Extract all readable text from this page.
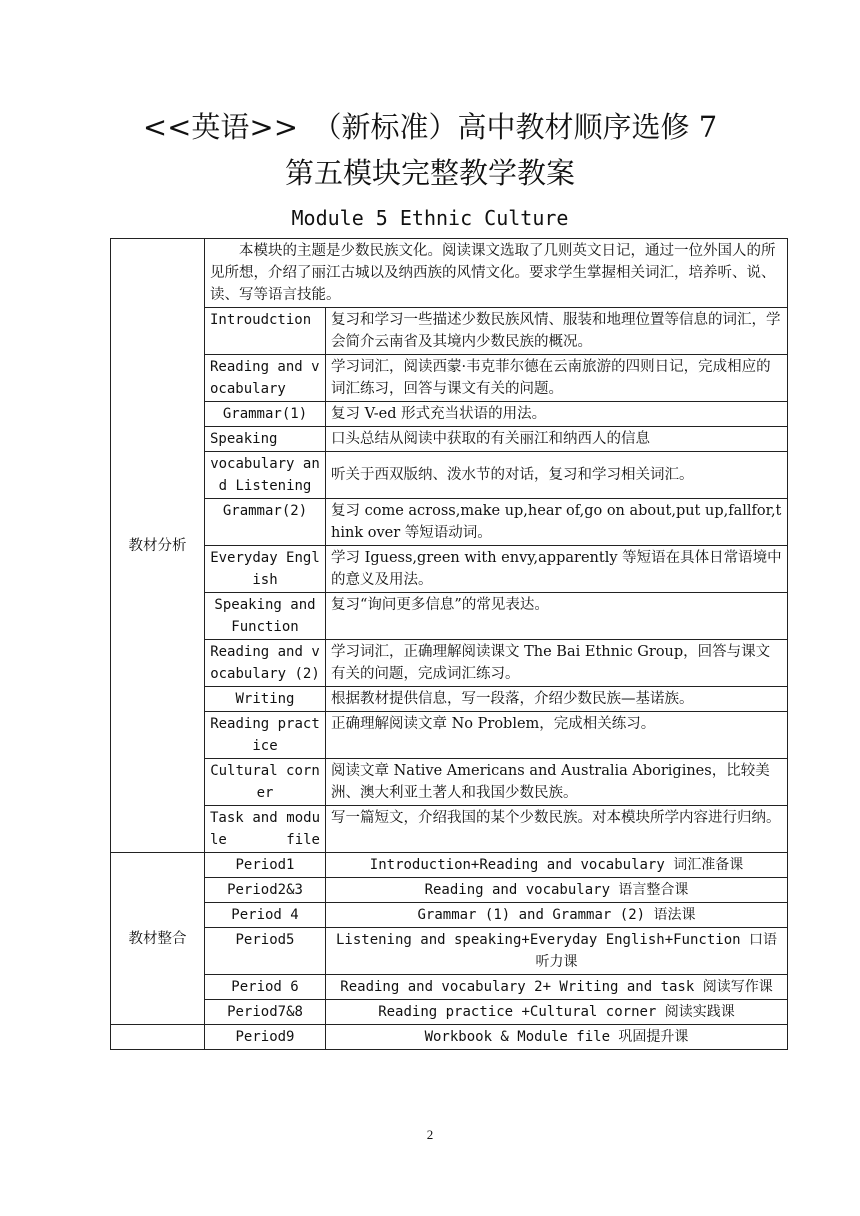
<<英语>>　（新标准）高中教材顺序选修 7
第五模块完整教学教案
Module 5 Ethnic Culture
教材分析	本模块的主题是少数民族文化。阅读课文选取了几则英文日记，通过一位外国人的所见所想，介绍了丽江古城以及纳西族的风情文化。要求学生掌握相关词汇，培养听、说、读、写等语言技能。	
	Introudction	复习和学习一些描述少数民族风情、服装和地理位置等信息的词汇，学会简介云南省及其境内少数民族的概况。
	Reading and vocabulary	学习词汇，阅读西蒙·韦克菲尔德在云南旅游的四则日记，完成相应的词汇练习，回答与课文有关的问题。
	Grammar(1)	复习 V-ed 形式充当状语的用法。
	Speaking	口头总结从阅读中获取的有关丽江和纳西人的信息
	vocabulary and Listening	听关于西双版纳、泼水节的对话，复习和学习相关词汇。
	Grammar(2)	复习 come across,make up,hear of,go on about,put up,fallfor,think over 等短语动词。
	Everyday English	学习 Iguess,green with envy,apparently 等短语在具体日常语境中的意义及用法。
	Speaking and Function	复习“询问更多信息”的常见表达。
	Reading and vocabulary (2)	学习词汇，正确理解阅读课文 The Bai Ethnic Group，回答与课文有关的问题，完成词汇练习。
	Writing	根据教材提供信息，写一段落，介绍少数民族—基诺族。
	Reading practice	正确理解阅读文章 No Problem，完成相关练习。
	Cultural corner	阅读文章 Native Americans and Australia Aborigines，比较美洲、澳大利亚土著人和我国少数民族。
	Task and module file	写一篇短文，介绍我国的某个少数民族。对本模块所学内容进行归纳。
教材整合	Period1	Introduction+Reading and vocabulary 词汇准备课
	Period2&3	Reading and vocabulary 语言整合课
	Period 4	Grammar (1) and Grammar (2) 语法课
	Period5	Listening and speaking+Everyday English+Function 口语听力课
	Period 6	Reading and vocabulary 2+ Writing and task 阅读写作课
	Period7&8	Reading practice +Cultural corner 阅读实践课
	Period9	Workbook & Module file 巩固提升课
2
